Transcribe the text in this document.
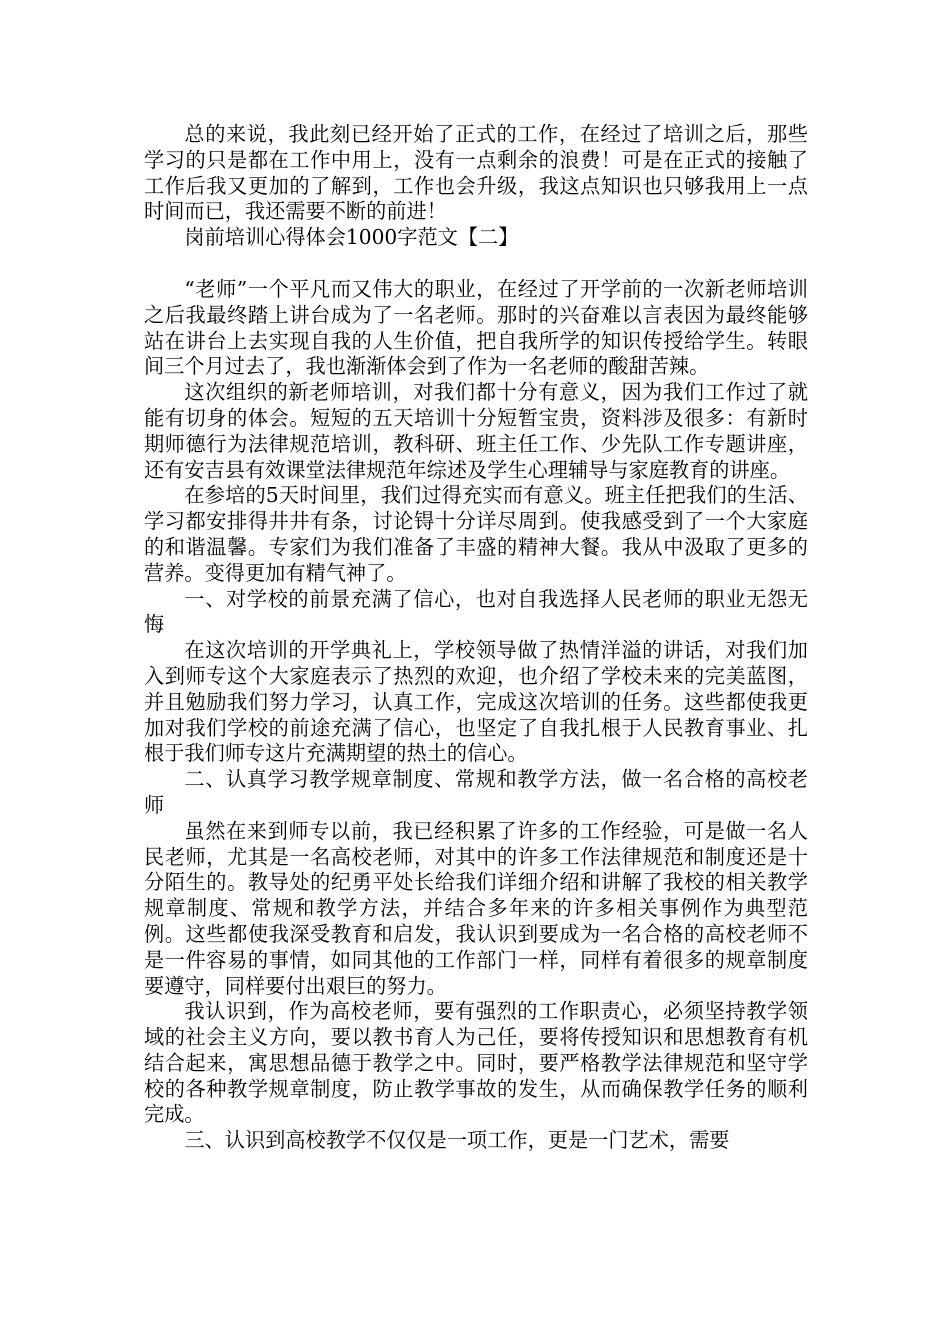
总的来说，我此刻已经开始了正式的工作，在经过了培训之后，那些学习的只是都在工作中用上，没有一点剩余的浪费！可是在正式的接触了工作后我又更加的了解到，工作也会升级，我这点知识也只够我用上一点时间而已，我还需要不断的前进！

岗前培训心得体会1000字范文【二】

“老师”一个平凡而又伟大的职业，在经过了开学前的一次新老师培训之后我最终踏上讲台成为了一名老师。那时的兴奋难以言表因为最终能够站在讲台上去实现自我的人生价值，把自我所学的知识传授给学生。转眼间三个月过去了，我也渐渐体会到了作为一名老师的酸甜苦辣。

这次组织的新老师培训，对我们都十分有意义，因为我们工作过了就能有切身的体会。短短的五天培训十分短暂宝贵，资料涉及很多：有新时期师德行为法律规范培训，教科研、班主任工作、少先队工作专题讲座，还有安吉县有效课堂法律规范年综述及学生心理辅导与家庭教育的讲座。

在参培的5天时间里，我们过得充实而有意义。班主任把我们的生活、学习都安排得井井有条，讨论锝十分详尽周到。使我感受到了一个大家庭的和谐温馨。专家们为我们准备了丰盛的精神大餐。我从中汲取了更多的营养。变得更加有精气神了。

一、对学校的前景充满了信心，也对自我选择人民老师的职业无怨无悔

在这次培训的开学典礼上，学校领导做了热情洋溢的讲话，对我们加入到师专这个大家庭表示了热烈的欢迎，也介绍了学校未来的完美蓝图，并且勉励我们努力学习，认真工作，完成这次培训的任务。这些都使我更加对我们学校的前途充满了信心，也坚定了自我扎根于人民教育事业、扎根于我们师专这片充满期望的热土的信心。

二、认真学习教学规章制度、常规和教学方法，做一名合格的高校老师

虽然在来到师专以前，我已经积累了许多的工作经验，可是做一名人民老师，尤其是一名高校老师，对其中的许多工作法律规范和制度还是十分陌生的。教导处的纪勇平处长给我们详细介绍和讲解了我校的相关教学规章制度、常规和教学方法，并结合多年来的许多相关事例作为典型范例。这些都使我深受教育和启发，我认识到要成为一名合格的高校老师不是一件容易的事情，如同其他的工作部门一样，同样有着很多的规章制度要遵守，同样要付出艰巨的努力。

我认识到，作为高校老师，要有强烈的工作职责心，必须坚持教学领域的社会主义方向，要以教书育人为己任，要将传授知识和思想教育有机结合起来，寓思想品德于教学之中。同时，要严格教学法律规范和坚守学校的各种教学规章制度，防止教学事故的发生，从而确保教学任务的顺利完成。

三、认识到高校教学不仅仅是一项工作，更是一门艺术，需要
